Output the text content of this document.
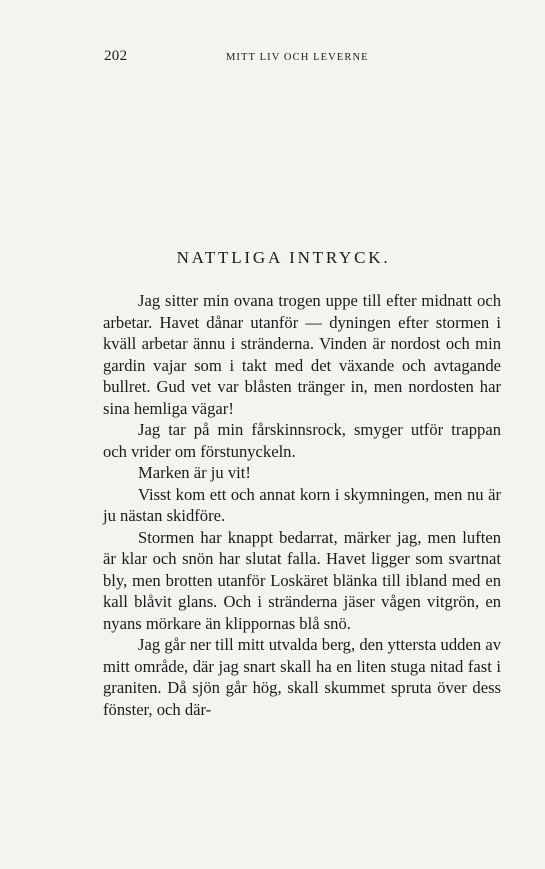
202	MITT LIV OCH LEVERNE
NATTLIGA INTRYCK.

Jag sitter min ovana trogen uppe till efter midnatt och arbetar. Havet dånar utanför — dyningen efter stormen i kväll arbetar ännu i stränderna. Vinden är nordost och min gardin vajar som i takt med det växande och avtagande bullret. Gud vet var blåsten tränger in, men nordosten har sina hemliga vägar!

Jag tar på min fårskinnsrock, smyger utför trappan och vrider om förstunyckeln.

Marken är ju vit!

Visst kom ett och annat korn i skymningen, men nu är ju nästan skidföre.

Stormen har knappt bedarrat, märker jag, men luften är klar och snön har slutat falla. Havet ligger som svartnat bly, men brotten utanför Loskäret blänka till ibland med en kall blåvit glans. Och i stränderna jäser vågen vitgrön, en nyans mörkare än klippornas blå snö.

Jag går ner till mitt utvalda berg, den yttersta udden av mitt område, där jag snart skall ha en liten stuga nitad fast i graniten. Då sjön går hög, skall skummet spruta över dess fönster, och där-
